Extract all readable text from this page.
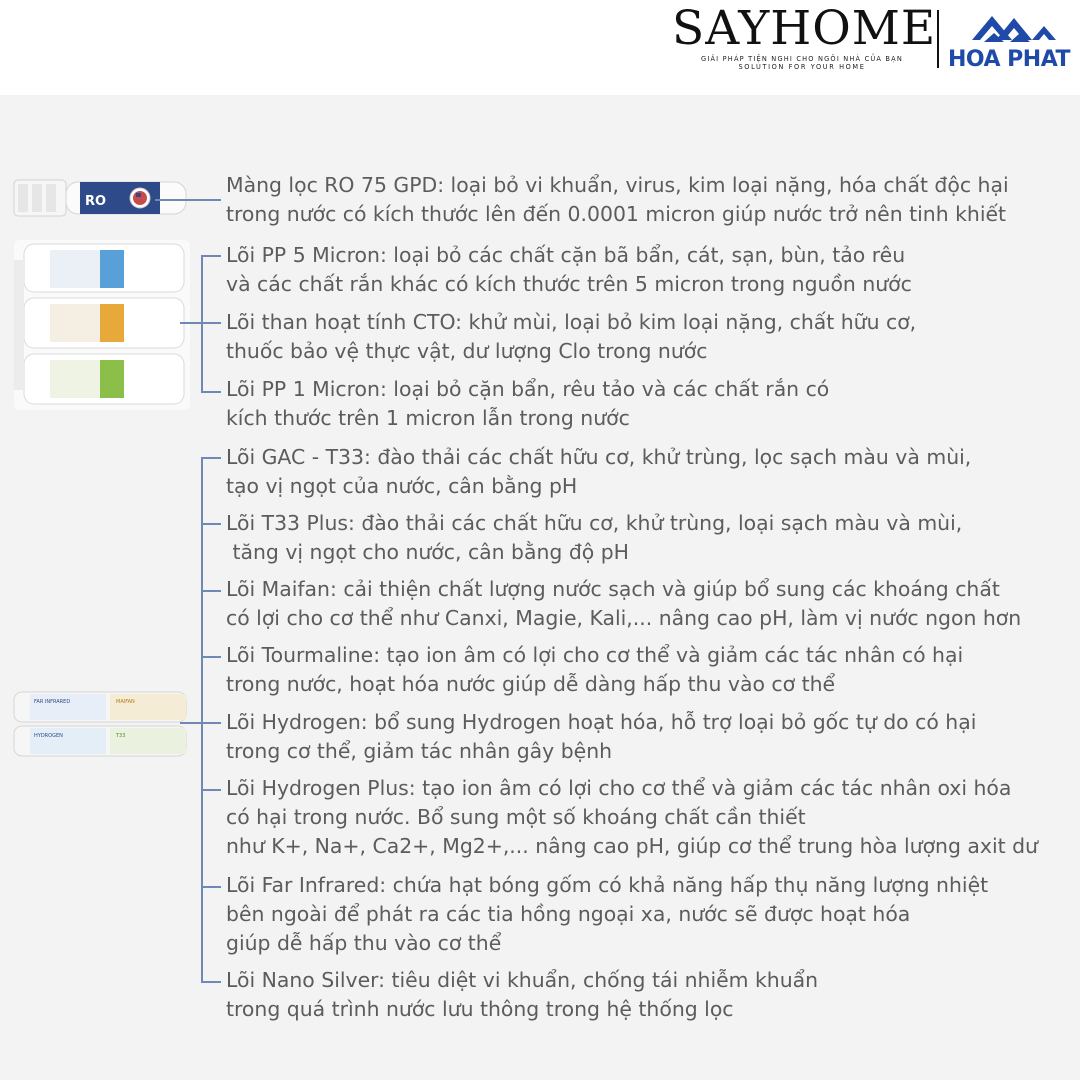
SAYHOME
GIẢI PHÁP TIỆN NGHI CHO NGÔI NHÀ CỦA BẠN
SOLUTION FOR YOUR HOME	HOA PHAT
RO
MAIFAN
FAR INFRARED
HYDROGEN	T33
Màng lọc RO 75 GPD: loại bỏ vi khuẩn, virus, kim loại nặng, hóa chất độc hại
trong nước có kích thước lên đến 0.0001 micron giúp nước trở nên tinh khiết
Lõi PP 5 Micron: loại bỏ các chất cặn bã bẩn, cát, sạn, bùn, tảo rêu
và các chất rắn khác có kích thước trên 5 micron trong nguồn nước
Lõi than hoạt tính CTO: khử mùi, loại bỏ kim loại nặng, chất hữu cơ,
thuốc bảo vệ thực vật, dư lượng Clo trong nước
Lõi PP 1 Micron: loại bỏ cặn bẩn, rêu tảo và các chất rắn có
kích thước trên 1 micron lẫn trong nước
Lõi GAC - T33: đào thải các chất hữu cơ, khử trùng, lọc sạch màu và mùi,
tạo vị ngọt của nước, cân bằng pH
Lõi T33 Plus: đào thải các chất hữu cơ, khử trùng, loại sạch màu và mùi,
tăng vị ngọt cho nước, cân bằng độ pH
Lõi Maifan: cải thiện chất lượng nước sạch và giúp bổ sung các khoáng chất
có lợi cho cơ thể như Canxi, Magie, Kali,... nâng cao pH, làm vị nước ngon hơn
Lõi Tourmaline: tạo ion âm có lợi cho cơ thể và giảm các tác nhân có hại
trong nước, hoạt hóa nước giúp dễ dàng hấp thu vào cơ thể
Lõi Hydrogen: bổ sung Hydrogen hoạt hóa, hỗ trợ loại bỏ gốc tự do có hại
trong cơ thể, giảm tác nhân gây bệnh
Lõi Hydrogen Plus: tạo ion âm có lợi cho cơ thể và giảm các tác nhân oxi hóa
có hại trong nước. Bổ sung một số khoáng chất cần thiết
như K+, Na+, Ca2+, Mg2+,... nâng cao pH, giúp cơ thể trung hòa lượng axit dư
Lõi Far Infrared: chứa hạt bóng gốm có khả năng hấp thụ năng lượng nhiệt
bên ngoài để phát ra các tia hồng ngoại xa, nước sẽ được hoạt hóa
giúp dễ hấp thu vào cơ thể
Lõi Nano Silver: tiêu diệt vi khuẩn, chống tái nhiễm khuẩn
trong quá trình nước lưu thông trong hệ thống lọc
